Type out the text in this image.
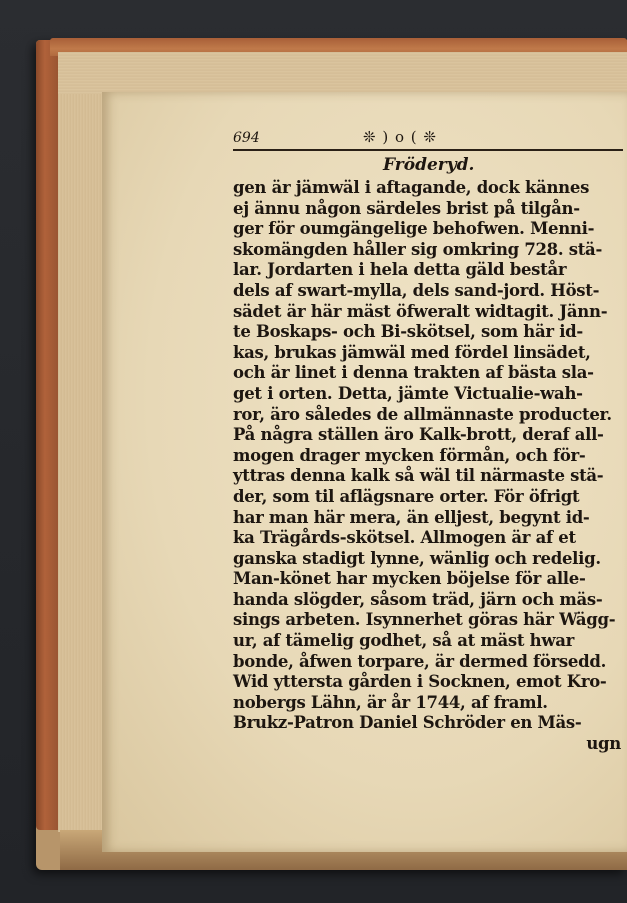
694	❊ ) o ( ❊
Fröderyd.
gen är jämwäl i aftagande, dock kännes
ej ännu någon särdeles brist på tilgån-
ger för oumgängelige behofwen. Menni-
skomängden håller sig omkring 728. stä-
lar. Jordarten i hela detta gäld består
dels af swart-mylla, dels sand-jord. Höst-
sädet är här mäst öfweralt widtagit. Jänn-
te Boskaps- och Bi-skötsel, som här id-
kas, brukas jämwäl med fördel linsädet,
och är linet i denna trakten af bästa sla-
get i orten. Detta, jämte Victualie-wah-
ror, äro således de allmännaste producter.
På några ställen äro Kalk-brott, deraf all-
mogen drager mycken förmån, och för-
yttras denna kalk så wäl til närmaste stä-
der, som til aflägsnare orter. För öfrigt
har man här mera, än elljest, begynt id-
ka Trägårds-skötsel. Allmogen är af et
ganska stadigt lynne, wänlig och redelig.
Man-könet har mycken böjelse för alle-
handa slögder, såsom träd, järn och mäs-
sings arbeten. Isynnerhet göras här Wägg-
ur, af tämelig godhet, så at mäst hwar
bonde, åfwen torpare, är dermed försedd.
Wid yttersta gården i Socknen, emot Kro-
nobergs Lähn, är år 1744, af framl.
Brukz-Patron Daniel Schröder en Mäs-
ugn
